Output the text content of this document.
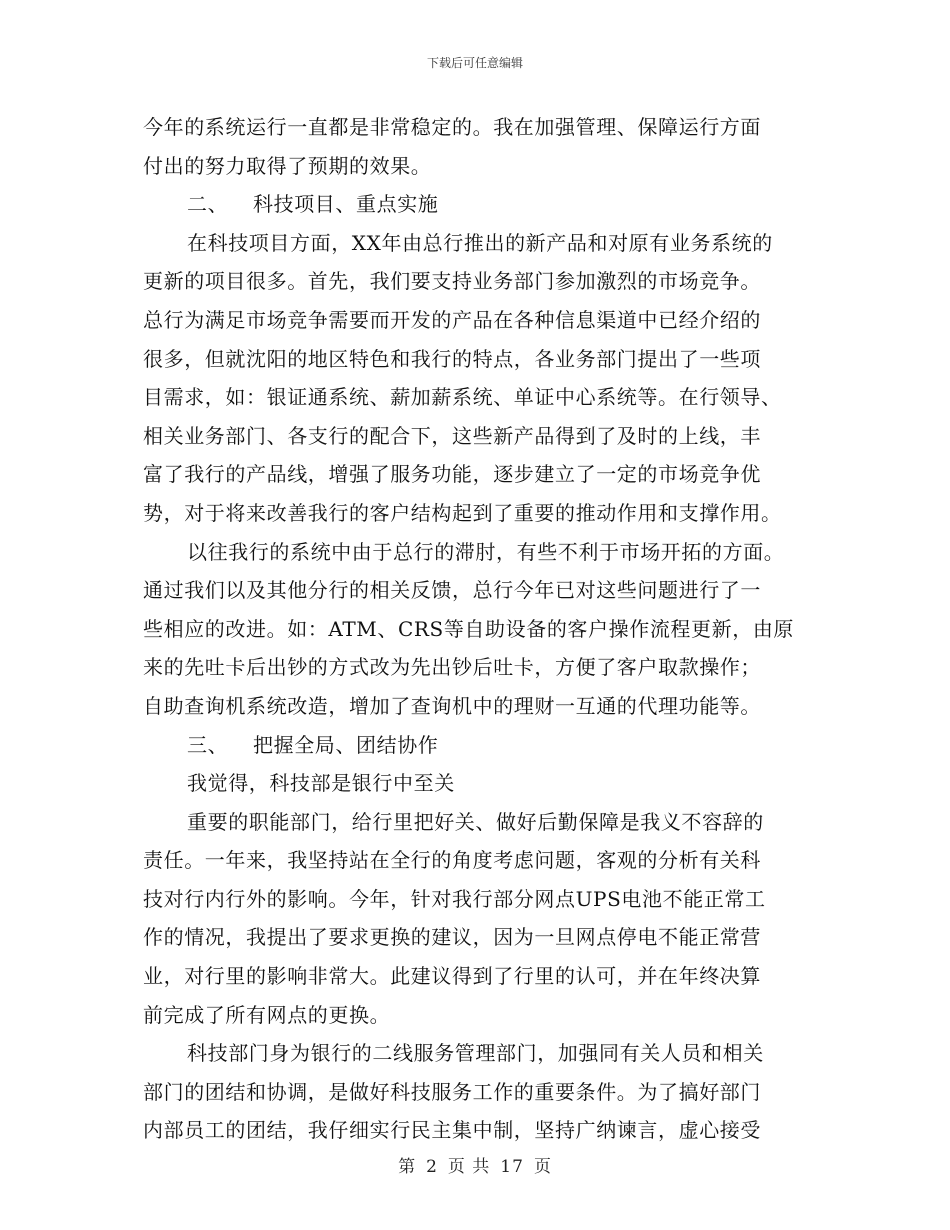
下载后可任意编辑
今年的系统运行一直都是非常稳定的。我在加强管理、保障运行方面
付出的努力取得了预期的效果。
二、 科技项目、重点实施
在科技项目方面，XX年由总行推出的新产品和对原有业务系统的
更新的项目很多。首先，我们要支持业务部门参加激烈的市场竞争。
总行为满足市场竞争需要而开发的产品在各种信息渠道中已经介绍的
很多，但就沈阳的地区特色和我行的特点，各业务部门提出了一些项
目需求，如：银证通系统、薪加薪系统、单证中心系统等。在行领导、
相关业务部门、各支行的配合下，这些新产品得到了及时的上线，丰
富了我行的产品线，增强了服务功能，逐步建立了一定的市场竞争优
势，对于将来改善我行的客户结构起到了重要的推动作用和支撑作用。
以往我行的系统中由于总行的滞肘，有些不利于市场开拓的方面。
通过我们以及其他分行的相关反馈，总行今年已对这些问题进行了一
些相应的改进。如：ATM、CRS等自助设备的客户操作流程更新，由原
来的先吐卡后出钞的方式改为先出钞后吐卡，方便了客户取款操作；
自助查询机系统改造，增加了查询机中的理财一互通的代理功能等。
三、 把握全局、团结协作
我觉得，科技部是银行中至关
重要的职能部门，给行里把好关、做好后勤保障是我义不容辞的
责任。一年来，我坚持站在全行的角度考虑问题，客观的分析有关科
技对行内行外的影响。今年，针对我行部分网点UPS电池不能正常工
作的情况，我提出了要求更换的建议，因为一旦网点停电不能正常营
业，对行里的影响非常大。此建议得到了行里的认可，并在年终决算
前完成了所有网点的更换。
科技部门身为银行的二线服务管理部门，加强同有关人员和相关
部门的团结和协调，是做好科技服务工作的重要条件。为了搞好部门
内部员工的团结，我仔细实行民主集中制，坚持广纳谏言，虚心接受
第 2 页 共 17 页
